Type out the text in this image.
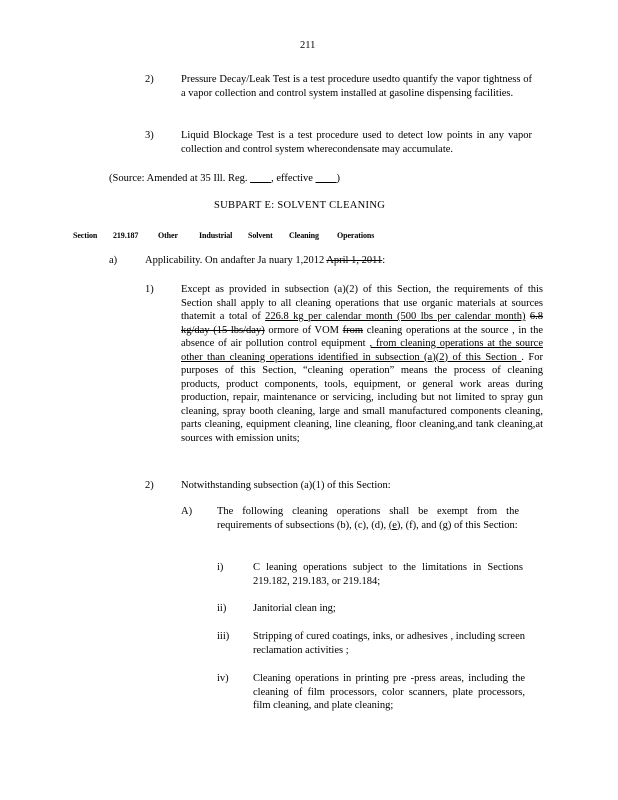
211
2)	Pressure Decay/Leak Test is a test procedure usedto quantify the vapor tightness of a vapor collection and control system installed at gasoline dispensing facilities.
3)	Liquid Blockage Test is a test procedure used to detect low points in any vapor collection and control system wherecondensate may accumulate.
(Source: Amended at 35 Ill. Reg. ____, effective ____)
SUBPART E: SOLVENT CLEANING
Section 219.187 Other	Industrial Solvent Cleaning Operations
a)	Applicability. On andafter Ja nuary 1,2012 April 1, 2011:
1)	Except as provided in subsection (a)(2) of this Section, the requirements of this Section shall apply to all cleaning operations that use organic materials at sources thatemit a total of 226.8 kg per calendar month (500 lbs per calendar month) 6.8 kg/day (15 lbs/day) ormore of VOM from cleaning operations at the source , in the absence of air pollution control equipment , from cleaning operations at the source other than cleaning operations identified in subsection (a)(2) of this Section . For purposes of this Section, “cleaning operation” means the process of cleaning products, product components, tools, equipment, or general work areas during production, repair, maintenance or servicing, including but not limited to spray gun cleaning, spray booth cleaning, large and small manufactured components cleaning, parts cleaning, equipment cleaning, line cleaning, floor cleaning,and tank cleaning,at sources with emission units;
2)	Notwithstanding subsection (a)(1) of this Section:
A) The following cleaning operations shall be exempt from the requirements of subsections (b), (c), (d), (e), (f), and (g) of this Section:
i)	C leaning operations subject to the limitations in Sections 219.182, 219.183, or 219.184;
ii)	Janitorial clean ing;
iii) Stripping of cured coatings, inks, or adhesives , including screen reclamation activities ;
iv) Cleaning operations in printing pre -press areas, including the cleaning of film processors, color scanners, plate processors, film cleaning, and plate cleaning;
